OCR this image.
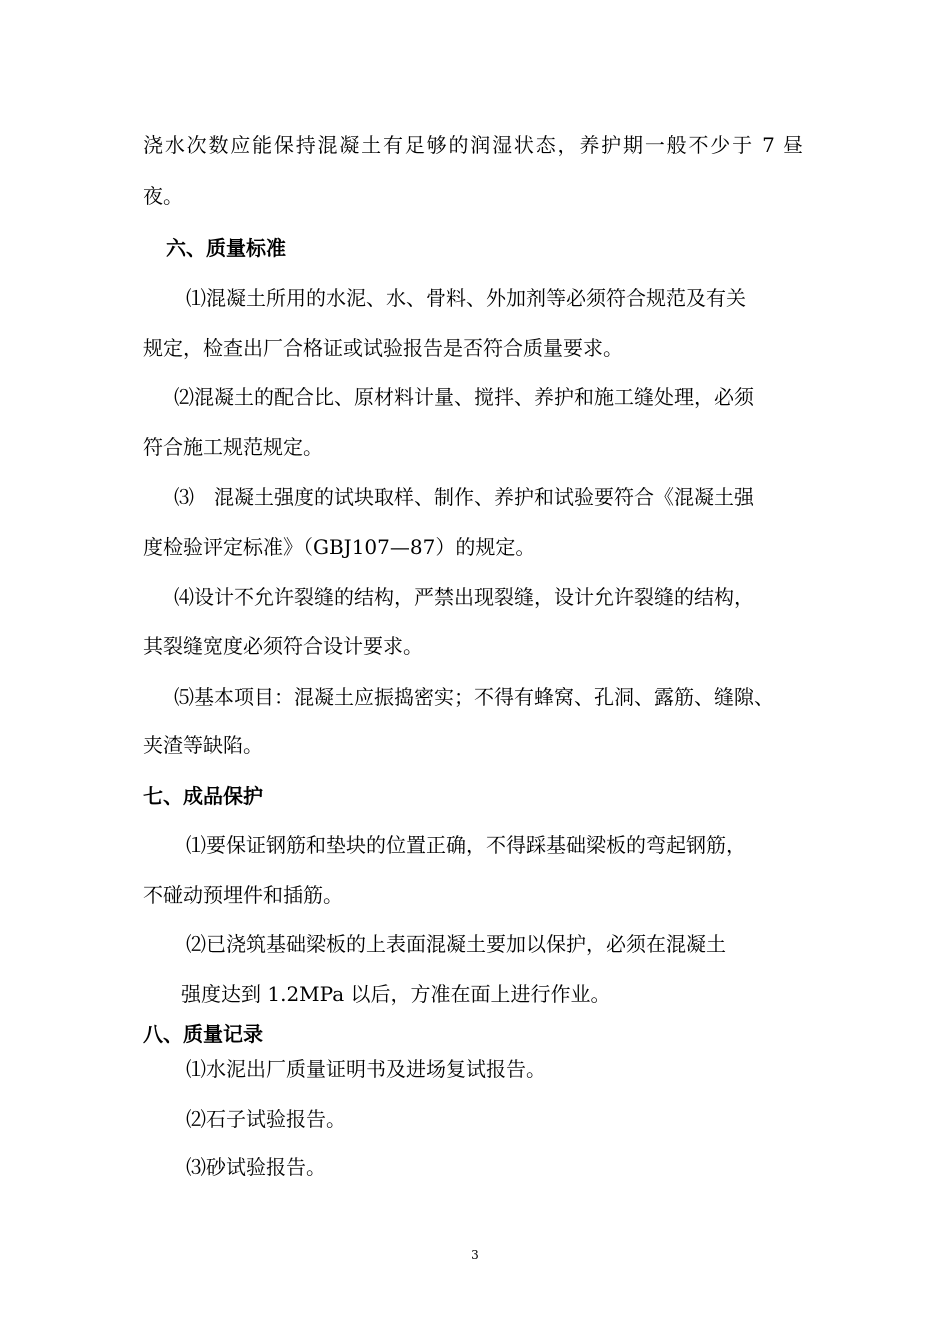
浇水次数应能保持混凝土有足够的润湿状态，养护期一般不少于 7 昼

夜。

六、质量标准

⑴混凝土所用的水泥、水、骨料、外加剂等必须符合规范及有关

规定，检查出厂合格证或试验报告是否符合质量要求。

⑵混凝土的配合比、原材料计量、搅拌、养护和施工缝处理，必须

符合施工规范规定。

⑶　混凝土强度的试块取样、制作、养护和试验要符合《混凝土强

度检验评定标准》（GBJ107—87）的规定。

⑷设计不允许裂缝的结构，严禁出现裂缝，设计允许裂缝的结构，

其裂缝宽度必须符合设计要求。

⑸基本项目：混凝土应振捣密实；不得有蜂窝、孔洞、露筋、缝隙、

夹渣等缺陷。

七、成品保护

⑴要保证钢筋和垫块的位置正确，不得踩基础梁板的弯起钢筋，

不碰动预埋件和插筋。

⑵已浇筑基础梁板的上表面混凝土要加以保护，必须在混凝土

强度达到 1.2MPa 以后，方准在面上进行作业。

八、质量记录

⑴水泥出厂质量证明书及进场复试报告。

⑵石子试验报告。

⑶砂试验报告。

3
